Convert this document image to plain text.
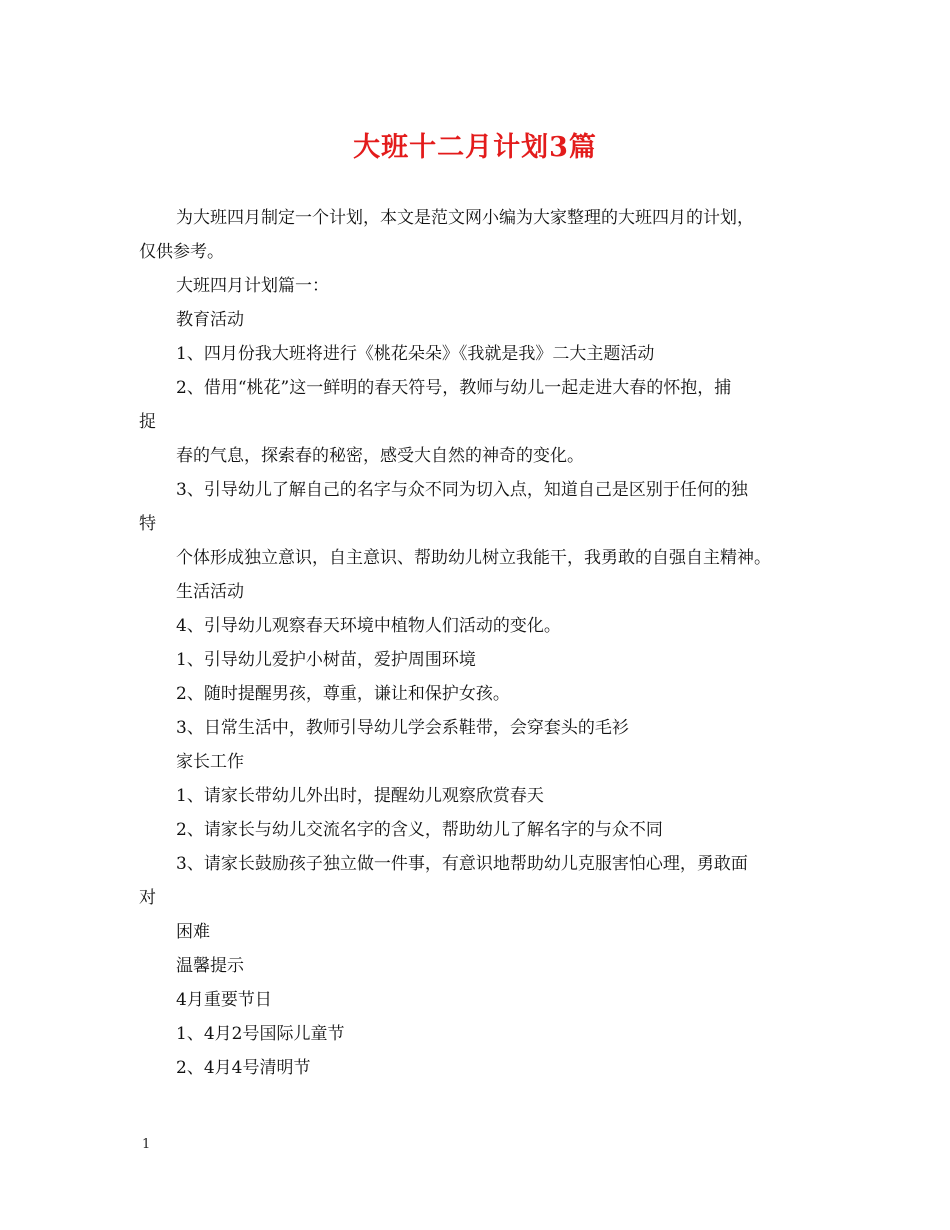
大班十二月计划3篇
为大班四月制定一个计划，本文是范文网小编为大家整理的大班四月的计划，
仅供参考。
大班四月计划篇一：
教育活动
1、四月份我大班将进行《桃花朵朵》《我就是我》二大主题活动
2、借用“桃花”这一鲜明的春天符号，教师与幼儿一起走进大春的怀抱，捕
捉
春的气息，探索春的秘密，感受大自然的神奇的变化。
3、引导幼儿了解自己的名字与众不同为切入点，知道自己是区别于任何的独
特
个体形成独立意识，自主意识、帮助幼儿树立我能干，我勇敢的自强自主精神。
生活活动
4、引导幼儿观察春天环境中植物人们活动的变化。
1、引导幼儿爱护小树苗，爱护周围环境
2、随时提醒男孩，尊重，谦让和保护女孩。
3、日常生活中，教师引导幼儿学会系鞋带，会穿套头的毛衫
家长工作
1、请家长带幼儿外出时，提醒幼儿观察欣赏春天
2、请家长与幼儿交流名字的含义，帮助幼儿了解名字的与众不同
3、请家长鼓励孩子独立做一件事，有意识地帮助幼儿克服害怕心理，勇敢面
对
困难
温馨提示
4月重要节日
1、4月2号国际儿童节
2、4月4号清明节
1
